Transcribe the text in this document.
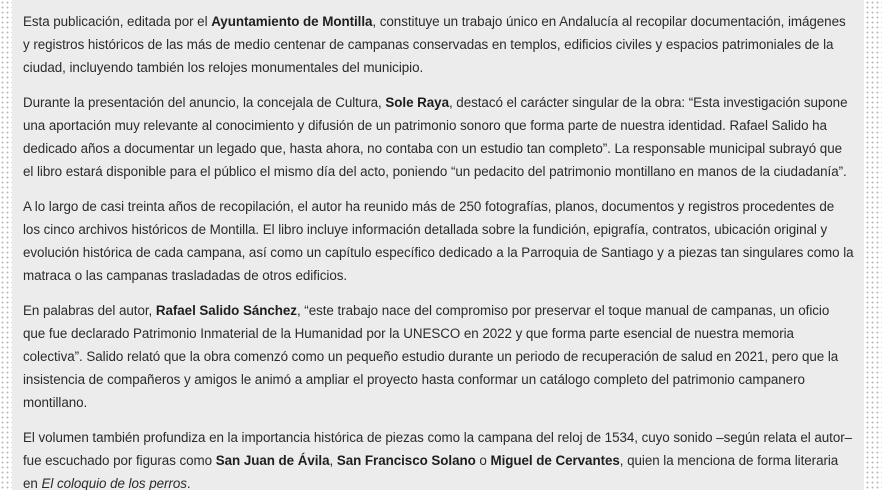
Esta publicación, editada por el Ayuntamiento de Montilla, constituye un trabajo único en Andalucía al recopilar documentación, imágenes y registros históricos de las más de medio centenar de campanas conservadas en templos, edificios civiles y espacios patrimoniales de la ciudad, incluyendo también los relojes monumentales del municipio.

Durante la presentación del anuncio, la concejala de Cultura, Sole Raya, destacó el carácter singular de la obra: “Esta investigación supone una aportación muy relevante al conocimiento y difusión de un patrimonio sonoro que forma parte de nuestra identidad. Rafael Salido ha dedicado años a documentar un legado que, hasta ahora, no contaba con un estudio tan completo”. La responsable municipal subrayó que el libro estará disponible para el público el mismo día del acto, poniendo “un pedacito del patrimonio montillano en manos de la ciudadanía”.

A lo largo de casi treinta años de recopilación, el autor ha reunido más de 250 fotografías, planos, documentos y registros procedentes de los cinco archivos históricos de Montilla. El libro incluye información detallada sobre la fundición, epigrafía, contratos, ubicación original y evolución histórica de cada campana, así como un capítulo específico dedicado a la Parroquia de Santiago y a piezas tan singulares como la matraca o las campanas trasladadas de otros edificios.

En palabras del autor, Rafael Salido Sánchez, “este trabajo nace del compromiso por preservar el toque manual de campanas, un oficio que fue declarado Patrimonio Inmaterial de la Humanidad por la UNESCO en 2022 y que forma parte esencial de nuestra memoria colectiva”. Salido relató que la obra comenzó como un pequeño estudio durante un periodo de recuperación de salud en 2021, pero que la insistencia de compañeros y amigos le animó a ampliar el proyecto hasta conformar un catálogo completo del patrimonio campanero montillano.

El volumen también profundiza en la importancia histórica de piezas como la campana del reloj de 1534, cuyo sonido –según relata el autor– fue escuchado por figuras como San Juan de Ávila, San Francisco Solano o Miguel de Cervantes, quien la menciona de forma literaria en El coloquio de los perros.
